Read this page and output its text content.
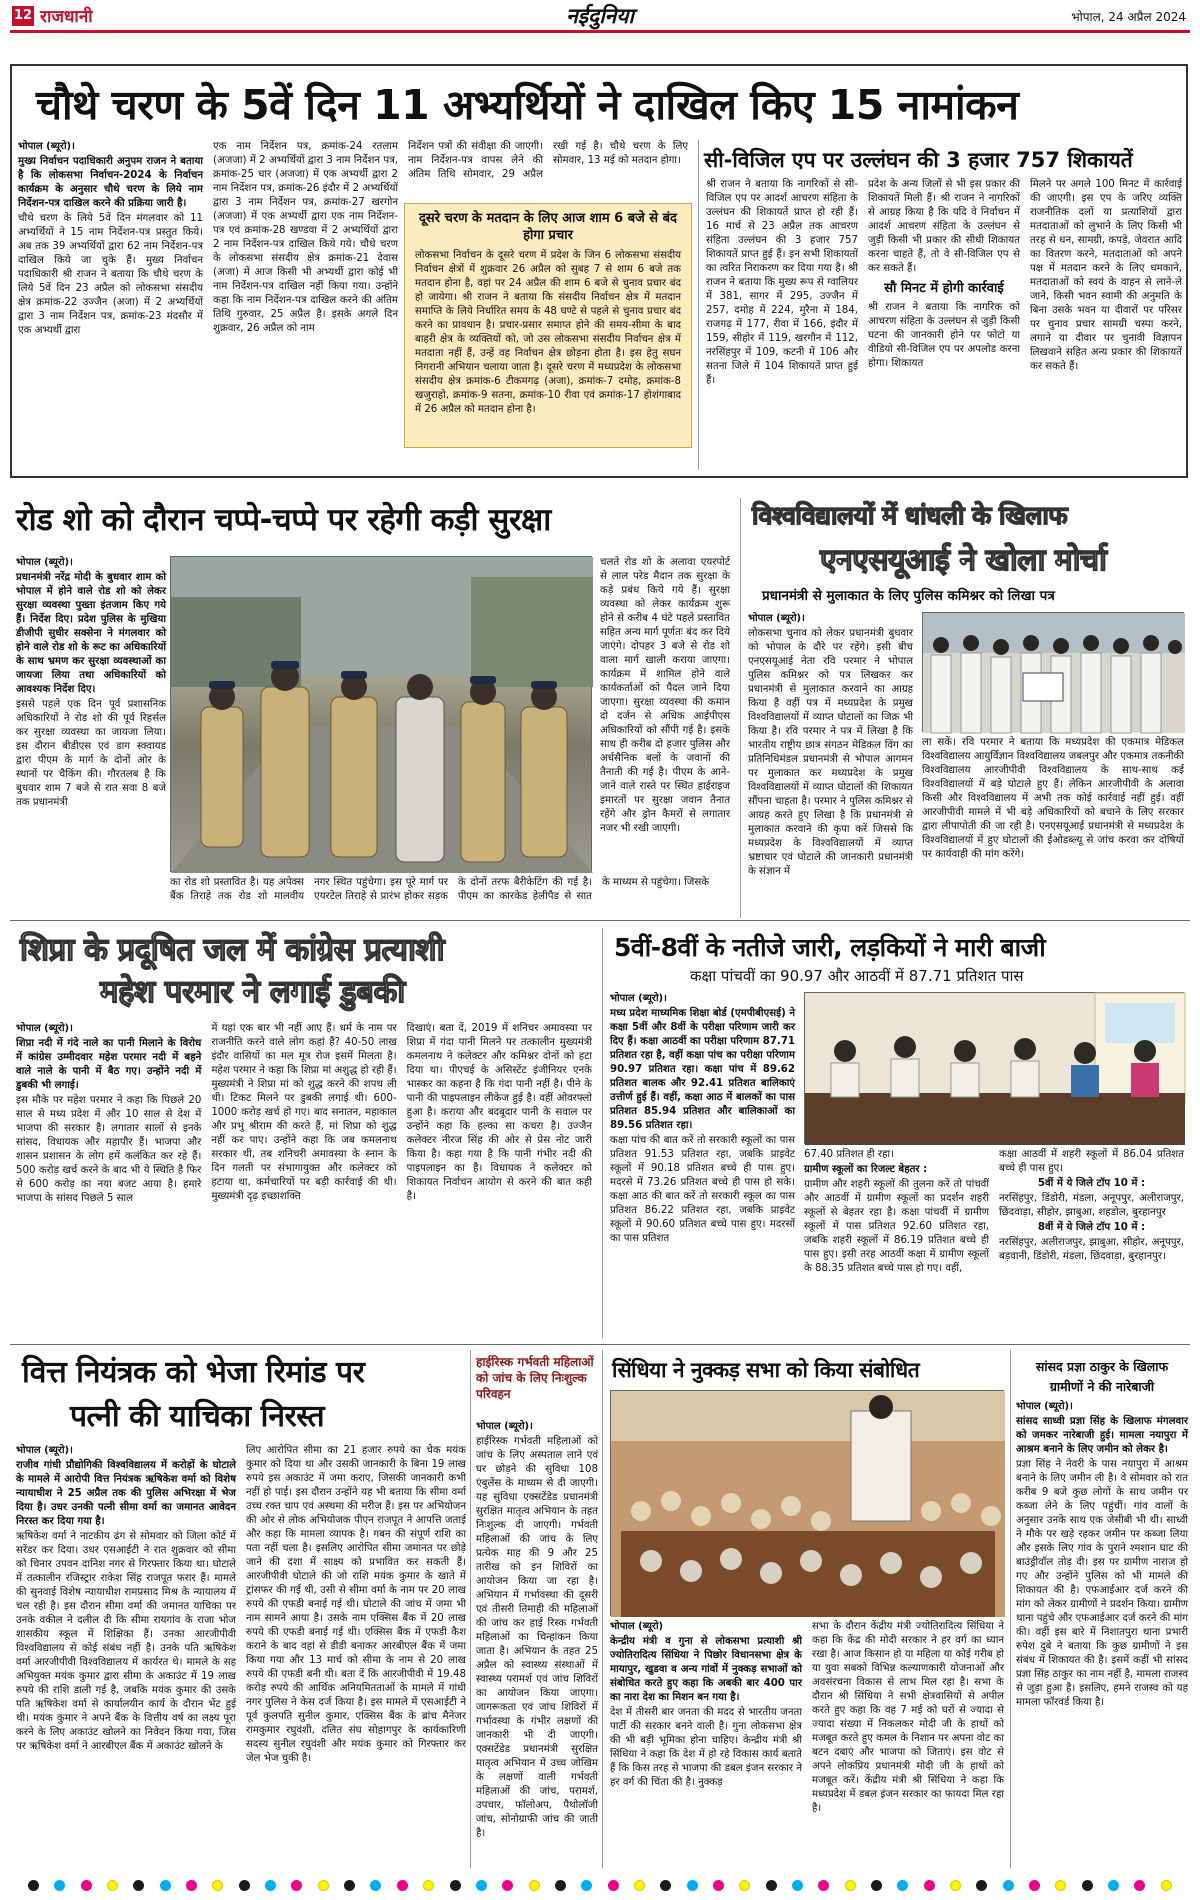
12 राजधानी	नईदुनिया	भोपाल, 24 अप्रैल 2024
चौथे चरण के 5वें दिन 11 अभ्यर्थियों ने दाखिल किए 15 नामांकन

भोपाल (ब्यूरो)।

मुख्य निर्वाचन पदाधिकारी अनुपम राजन ने बताया है कि लोकसभा निर्वाचन-2024 के निर्वाचन कार्यक्रम के अनुसार चौथे चरण के लिये नाम निर्देशन-पत्र दाखिल करने की प्रक्रिया जारी है।

चौथे चरण के लिये 5वें दिन मंगलवार को 11 अभ्यर्थियों ने 15 नाम निर्देशन-पत्र प्रस्तुत किये। अब तक 39 अभ्यर्थियों द्वारा 62 नाम निर्देशन-पत्र दाखिल किये जा चुके हैं। मुख्य निर्वाचन पदाधिकारी श्री राजन ने बताया कि चौथे चरण के लिये 5वें दिन 23 अप्रैल को लोकसभा संसदीय क्षेत्र क्रमांक-22 उज्जैन (अजा) में 2 अभ्यर्थियों द्वारा 3 नाम निर्देशन पत्र, क्रमांक-23 मंदसौर में एक अभ्यर्थी द्वारा

एक नाम निर्देशन पत्र, क्रमांक-24 रतलाम (अजजा) में 2 अभ्यर्थियों द्वारा 3 नाम निर्देशन पत्र, क्रमांक-25 धार (अजजा) में एक अभ्यर्थी द्वारा 2 नाम निर्देशन पत्र, क्रमांक-26 इंदौर में 2 अभ्यर्थियों द्वारा 3 नाम निर्देशन पत्र, क्रमांक-27 खरगोन (अजजा) में एक अभ्यर्थी द्वारा एक नाम निर्देशन-पत्र एवं क्रमांक-28 खण्डवा में 2 अभ्यर्थियों द्वारा 2 नाम निर्देशन-पत्र दाखिल किये गये। चौथे चरण के लोकसभा संसदीय क्षेत्र क्रमांक-21 देवास (अजा) में आज किसी भी अभ्यर्थी द्वारा कोई भी नाम निर्देशन-पत्र दाखिल नहीं किया गया। उन्होंने कहा कि नाम निर्देशन-पत्र दाखिल करने की अंतिम तिथि गुरुवार, 25 अप्रैल है। इसके अगले दिन शुक्रवार, 26 अप्रैल को नाम

निर्देशन पत्रों की संवीक्षा की जाएगी। नाम निर्देशन-पत्र वापस लेने की अंतिम तिथि सोमवार, 29 अप्रैल रखी गई है। चौथे चरण के लिए सोमवार, 13 मई को मतदान होगा।

दूसरे चरण के मतदान के लिए आज शाम 6 बजे से बंद होगा प्रचार
लोकसभा निर्वाचन के दूसरे चरण में प्रदेश के जिन 6 लोकसभा संसदीय निर्वाचन क्षेत्रों में शुक्रवार 26 अप्रैल को सुबह 7 से शाम 6 बजे तक मतदान होना है, वहां पर 24 अप्रैल की शाम 6 बजे से चुनाव प्रचार बंद हो जायेगा। श्री राजन ने बताया कि संसदीय निर्वाचन क्षेत्र में मतदान समाप्ति के लिये निर्धारित समय के 48 घण्टे से पहले से चुनाव प्रचार बंद करने का प्रावधान है। प्रचार-प्रसार समाप्त होने की समय-सीमा के बाद बाहरी क्षेत्र के व्यक्तियों को, जो उस लोकसभा संसदीय निर्वाचन क्षेत्र में मतदाता नहीं हैं, उन्हें वह निर्वाचन क्षेत्र छोड़ना होता है। इस हेतु सघन निगरानी अभियान चलाया जाता है। दूसरे चरण में मध्यप्रदेश के लोकसभा संसदीय क्षेत्र क्रमांक-6 टीकमगढ़ (अजा), क्रमांक-7 दमोह, क्रमांक-8 खजुराहो, क्रमांक-9 सतना, क्रमांक-10 रीवा एवं क्रमांक-17 होशंगाबाद में 26 अप्रैल को मतदान होना है।
सी-विजिल एप पर उल्लंघन की 3 हजार 757 शिकायतें

श्री राजन ने बताया कि नागरिकों से सी-विजिल एप पर आदर्श आचरण संहिता के उल्लंघन की शिकायतें प्राप्त हो रही हैं। 16 मार्च से 23 अप्रैल तक आचरण संहिता उल्लंघन की 3 हजार 757 शिकायतें प्राप्त हुई हैं। इन सभी शिकायतों का त्वरित निराकरण कर दिया गया है। श्री राजन ने बताया कि मुख्य रूप से ग्वालियर में 381, सागर में 295, उज्जैन में 257, दमोह में 224, मुरैना में 184, राजगढ़ में 177, रीवा में 166, इंदौर में 159, सीहोर में 119, खरगौन में 112, नरसिंहपुर में 109, कटनी में 106 और सतना जिले में 104 शिकायतें प्राप्त हुई हैं।

प्रदेश के अन्य जिलों से भी इस प्रकार की शिकायतें मिली हैं। श्री राजन ने नागरिकों से आग्रह किया है कि यदि वे निर्वाचन में आदर्श आचरण संहिता के उल्लंघन से जुड़ी किसी भी प्रकार की सीधी शिकायत करना चाहते हैं, तो वे सी-विजिल एप से कर सकते हैं।

सौ मिनट में होगी कार्रवाई

श्री राजन ने बताया कि नागरिक को आचरण संहिता के उल्लंघन से जुड़ी किसी घटना की जानकारी होने पर फोटो या वीडियो सी-विजिल एप पर अपलोड करना होगा। शिकायत

मिलने पर अगले 100 मिनट में कार्रवाई की जाएगी। इस एप के जरिए व्यक्ति राजनीतिक दलों या प्रत्याशियों द्वारा मतदाताओं को लुभाने के लिए किसी भी तरह से धन, सामग्री, कपड़े, जेवरात आदि का वितरण करने, मतदाताओं को अपने पक्ष में मतदान करने के लिए धमकाने, मतदाताओं को स्वयं के वाहन से लाने-ले जाने, किसी भवन स्वामी की अनुमति के बिना उसके भवन या दीवारों पर परिसर पर चुनाव प्रचार सामग्री चस्पा करने, लगाने या दीवार पर चुनावी विज्ञापन लिखवाने सहित अन्य प्रकार की शिकायतें कर सकते हैं।

रोड शो को दौरान चप्पे-चप्पे पर रहेगी कड़ी सुरक्षा

भोपाल (ब्यूरो)।

प्रधानमंत्री नरेंद्र मोदी के बुधवार शाम को भोपाल में होने वाले रोड शो को लेकर सुरक्षा व्यवस्था पुख्ता इंतजाम किए गये हैं। निर्देश दिए। प्रदेश पुलिस के मुखिया डीजीपी सुधीर सक्सेना ने मंगलवार को होने वाले रोड शो के रूट का अधिकारियों के साथ भ्रमण कर सुरक्षा व्यवस्थाओं का जायजा लिया तथा अधिकारियों को आवश्यक निर्देश दिए।

इससे पहले एक दिन पूर्व प्रशासनिक अधिकारियों ने रोड शो की पूर्व रिहर्सल कर सुरक्षा व्यवस्था का जायजा लिया। इस दौरान बीडीएस एवं डाग स्क्वायड द्वारा पीएम के मार्ग के दोनों ओर के स्थानों पर चैकिंग की। गौरतलब है कि बुधवार शाम 7 बजे से रात सवा 8 बजे तक प्रधानमंत्री

का रोड शो प्रस्तावित है। यह अपेक्स बैंक तिराहे तक रोड शो मालवीय नगर स्थित पहुंचेगा। इस पूरे मार्ग पर एयरटेल तिराहे से प्रारंभ होकर सड़क के दोनों तरफ बैरीकेटिंग की गई है। पीएम का कारकेड हेलीपैड से सात के माध्यम से पहुंचेगा। जिसके

चलते रोड शो के अलावा एयरपोर्ट से लाल परेड मैदान तक सुरक्षा के कड़े प्रबंध किये गये हैं। सुरक्षा व्यवस्था को लेकर कार्यक्रम शुरू होने से करीब 4 घंटे पहले प्रस्तावित सहित अन्य मार्ग पूर्णतः बंद कर दिये जाएंगे। दोपहर 3 बजे से रोड शो वाला मार्ग खाली कराया जाएगा। कार्यक्रम में शामिल होने वाले कार्यकर्ताओं को पैदल जाने दिया जाएगा। सुरक्षा व्यवस्था की कमान दो दर्जन से अधिक आईपीएस अधिकारियों को सौंपी गई है। इसके साथ ही करीब दो हजार पुलिस और अर्धसैनिक बलों के जवानों की तैनाती की गई है। पीएम के आने-जाने वाले रास्ते पर स्थित हाईराइज इमारतों पर सुरक्षा जवान तैनात रहेंगे और ड्रोन कैमरों से लगातार नजर भी रखी जाएगी।

विश्वविद्यालयों में धांधली के खिलाफ
एनएसयूआई ने खोला मोर्चा
प्रधानमंत्री से मुलाकात के लिए पुलिस कमिश्नर को लिखा पत्र

भोपाल (ब्यूरो)।

लोकसभा चुनाव को लेकर प्रधानमंत्री बुधवार को भोपाल के दौरे पर रहेंगे। इसी बीच एनएसयूआई नेता रवि परमार ने भोपाल पुलिस कमिश्नर को पत्र लिखकर कर प्रधानमंत्री से मुलाकात करवाने का आग्रह किया है वहीं पत्र में मध्यप्रदेश के प्रमुख विश्वविद्यालयों में व्याप्त घोटालों का जिक्र भी किया है। रवि परमार ने पत्र में लिखा है कि भारतीय राष्ट्रीय छात्र संगठन मेडिकल विंग का प्रतिनिधिमंडल प्रधानमंत्री से भोपाल आगमन पर मुलाकात कर मध्यप्रदेश के प्रमुख विश्वविद्यालयों में व्याप्त घोटालों की शिकायत सौंपना चाहता है। परमार ने पुलिस कमिश्नर से आग्रह करते हुए लिखा है कि प्रधानमंत्री से मुलाकात करवाने की कृपा करें जिससे कि मध्यप्रदेश के विश्वविद्यालयों में व्याप्त भ्रष्टाचार एवं घोटाले की जानकारी प्रधानमंत्री के संज्ञान में

ला सकें। रवि परमार ने बताया कि मध्यप्रदेश की एकमात्र मेडिकल विश्वविद्यालय आयुर्विज्ञान विश्वविद्यालय जबलपुर और एकमात्र तकनीकी विश्वविद्यालय आरजीपीवी विश्वविद्यालय के साथ-साथ कई विश्वविद्यालयों में बड़े घोटाले हुए हैं। लेकिन आरजीपीवी के अलावा किसी और विश्वविद्यालय में अभी तक कोई कार्रवाई नहीं हुई। वहीं आरजीपीवी मामले में भी बड़े अधिकारियों को बचाने के लिए सरकार द्वारा लीपापोती की जा रही है। एनएसयूआई प्रधानमंत्री से मध्यप्रदेश के विश्वविद्यालयों में हुए घोटालों की ईओडब्ल्यू से जांच करवा कर दोषियों पर कार्यवाही की मांग करेंगे।

शिप्रा के प्रदूषित जल में कांग्रेस प्रत्याशी
महेश परमार ने लगाई डुबकी

भोपाल (ब्यूरो)।

शिप्रा नदी में गंदे नाले का पानी मिलाने के विरोध में कांग्रेस उम्मीदवार महेश परमार नदी में बहने वाले नाले के पानी में बैठ गए। उन्होंने नदी में डुबकी भी लगाई।

इस मौके पर महेश परमार ने कहा कि पिछले 20 साल से मध्य प्रदेश में और 10 साल से देश में भाजपा की सरकार है। लगातार सालों से इनके सांसद, विधायक और महापौर हैं। भाजपा और शासन प्रशासन के लोग हमें कलंकित कर रहे हैं। 500 करोड़ खर्च करने के बाद भी ये स्थिति है फिर से 600 करोड़ का नया बजट आया है। हमारे भाजपा के सांसद पिछले 5 साल

में यहां एक बार भी नहीं आए हैं। धर्म के नाम पर राजनीति करने वाले लोग कहां हैं? 40-50 लाख इंदौर वासियों का मल मूत्र रोज इसमें मिलता है। महेश परमार ने कहा कि शिप्रा मां अशुद्ध हो रही हैं। मुख्यमंत्री ने शिप्रा मां को शुद्ध करने की शपथ ली थी। टिकट मिलने पर डुबकी लगाई थी। 600-1000 करोड़ खर्च हो गए। बाद सनातन, महाकाल और प्रभु श्रीराम की करते हैं, मां शिप्रा को शुद्ध नहीं कर पाए। उन्होंने कहा कि जब कमलनाथ सरकार थी, तब शनिचरी अमावस्या के स्नान के दिन गलती पर संभागायुक्त और कलेक्टर को हटाया था, कर्मचारियों पर बड़ी कार्रवाई की थी। मुख्यमंत्री दृढ़ इच्छाशक्ति

दिखाएं। बता दें, 2019 में शनिचर अमावस्या पर शिप्रा में गंदा पानी मिलने पर तत्कालीन मुख्यमंत्री कमलनाथ ने कलेक्टर और कमिश्नर दोनों को हटा दिया था। पीएचई के असिस्टेंट इंजीनियर एनके भास्कर का कहना है कि गंदा पानी नहीं है। पीने के पानी की पाइपलाइन लीकेज हुई है। वहीं ओवरफ्लो हुआ है। कराया और बदबूदार पानी के सवाल पर उन्होंने कहा कि हल्का सा कचरा है। उज्जैन कलेक्टर नीरज सिंह की ओर से प्रेस नोट जारी किया है। कहा गया है कि पानी गंभीर नदी की पाइपलाइन का है। विधायक ने कलेक्टर को शिकायत निर्वाचन आयोग से करने की बात कही है।

5वीं-8वीं के नतीजे जारी, लड़कियों ने मारी बाजी
कक्षा पांचवीं का 90.97 और आठवीं में 87.71 प्रतिशत पास

भोपाल (ब्यूरो)।

मध्य प्रदेश माध्यमिक शिक्षा बोर्ड (एमपीबीएसई) ने कक्षा 5वीं और 8वीं के परीक्षा परिणाम जारी कर दिए हैं। कक्षा आठवीं का परीक्षा परिणाम 87.71 प्रतिशत रहा है, वहीं कक्षा पांच का परीक्षा परिणाम 90.97 प्रतिशत रहा। कक्षा पांच में 89.62 प्रतिशत बालक और 92.41 प्रतिशत बालिकाएं उत्तीर्ण हुई हैं। वहीं, कक्षा आठ में बालकों का पास प्रतिशत 85.94 प्रतिशत और बालिकाओं का 89.56 प्रतिशत रहा।

कक्षा पांच की बात करें तो सरकारी स्कूलों का पास प्रतिशत 91.53 प्रतिशत रहा, जबकि प्राइवेट स्कूलों में 90.18 प्रतिशत बच्चे ही पास हुए। मदरसे में 73.26 प्रतिशत बच्चे ही पास हो सके। कक्षा आठ की बात करें तो सरकारी स्कूल का पास प्रतिशत 86.22 प्रतिशत रहा, जबकि प्राइवेट स्कूलों में 90.60 प्रतिशत बच्चे पास हुए। मदरसों का पास प्रतिशत

67.40 प्रतिशत ही रहा।

ग्रामीण स्कूलों का रिजल्ट बेहतर :

ग्रामीण और शहरी स्कूलों की तुलना करें तो पांचवीं और आठवीं में ग्रामीण स्कूलों का प्रदर्शन शहरी स्कूलों से बेहतर रहा है। कक्षा पांचवीं में ग्रामीण स्कूलों में पास प्रतिशत 92.60 प्रतिशत रहा, जबकि शहरी स्कूलों में 86.19 प्रतिशत बच्चे ही पास हुए। इसी तरह आठवीं कक्षा में ग्रामीण स्कूलों के 88.35 प्रतिशत बच्चे पास हो गए। वहीं,

कक्षा आठवीं में शहरी स्कूलों में 86.04 प्रतिशत बच्चे ही पास हुए।

5वीं में ये जिले टॉप 10 में :

नरसिंहपुर, डिंडोरी, मंडला, अनूपपुर, अलीराजपुर, छिंदवाड़ा, सीहोर, झाबुआ, शहडोल, बुरहानपुर

8वीं में ये जिले टॉप 10 में :

नरसिंहपुर, अलीराजपुर, झाबुआ, सीहोर, अनूपपुर, बड़वानी, डिंडोरी, मंडला, छिंदवाड़ा, बुरहानपुर।

वित्त नियंत्रक को भेजा रिमांड पर
पत्नी की याचिका निरस्त

भोपाल (ब्यूरो)।

राजीव गांधी प्रौद्योगिकी विश्वविद्यालय में करोड़ों के घोटाले के मामले में आरोपी वित्त नियंत्रक ऋषिकेश वर्मा को विशेष न्यायाधीश ने 25 अप्रैल तक की पुलिस अभिरक्षा में भेज दिया है। उधर उनकी पत्नी सीमा वर्मा का जमानत आवेदन निरस्त कर दिया गया है।

ऋषिकेश वर्मा ने नाटकीय ढंग से सोमवार को जिला कोर्ट में सरेंडर कर दिया। उधर एसआईटी ने रात शुक्रवार को सीमा को चिनार उपवन दानिश नगर से गिरफ्तार किया था। घोटाले में तत्कालीन रजिस्ट्रार राकेश सिंह राजपूत फरार हैं। मामले की सुनवाई विशेष न्यायाधीश रामप्रसाद मिश्र के न्यायालय में चल रही है। इस दौरान सीमा वर्मा की जमानत याचिका पर उनके वकील ने दलील दी कि सीमा रायगांव के राजा भोज शासकीय स्कूल में शिक्षिका हैं। उनका आरजीपीवी विश्वविद्यालय से कोई संबंध नहीं है। उनके पति ऋषिकेश वर्मा आरजीपीवी विश्वविद्यालय में कार्यरत थे। मामले के सह अभियुक्त मयंक कुमार द्वारा सीमा के अकाउंट में 19 लाख रुपये की राशि डाली गई है, जबकि मयंक कुमार की उसके पति ऋषिकेश वर्मा से कार्यालयीन कार्य के दौरान भेंट हुई थी। मयंक कुमार ने अपने बैंक के वित्तीय वर्ष का लक्ष्य पूरा करने के लिए अकाउंट खोलने का निवेदन किया गया, जिस पर ऋषिकेश वर्मा ने आरबीएल बैंक में अकाउंट खोलने के

लिए आरोपित सीमा का 21 हजार रुपये का चेक मयंक कुमार को दिया था और उसकी जानकारी के बिना 19 लाख रुपये इस अकाउंट में जमा कराए, जिसकी जानकारी कभी नहीं हो पाई। इस दौरान उन्होंने यह भी बताया कि सीमा वर्मा उच्च रक्त चाप एवं अस्थमा की मरीज हैं। इस पर अभियोजन की ओर से लोक अभियोजक पीएन राजपूत ने आपत्ति जताई और कहा कि मामला व्यापक है। गबन की संपूर्ण राशि का पता नहीं चला है। इसलिए आरोपित सीमा जमानत पर छोड़े जाने की दशा में साक्ष्य को प्रभावित कर सकती हैं। आरजीपीवी घोटाले की जो राशि मयंक कुमार के खाते में ट्रांसफर की गई थी, उसी से सीमा वर्मा के नाम पर 20 लाख रुपये की एफडी बनाई गई थी। घोटाले की जांच में जमा भी नाम सामने आया है। उसके नाम एक्सिस बैंक में 20 लाख रुपये की एफडी बनाई गई थी। एक्सिस बैंक में एफडी कैश कराने के बाद वहां से डीडी बनाकर आरबीएल बैंक में जमा किया गया और 13 मार्च को सीमा के नाम से 20 लाख रुपये की एफडी बनी थी। बता दें कि आरजीपीवी में 19.48 करोड़ रुपये की आर्थिक अनियमितताओं के मामले में गांधी नगर पुलिस ने केस दर्ज किया है। इस मामले में एसआईटी ने पूर्व कुलपति सुनील कुमार, एक्सिस बैंक के ब्रांच मैनेजर रामकुमार रघुवंशी, दलित संघ सोहागपुर के कार्यकारिणी सदस्य सुनील रघुवंशी और मयंक कुमार को गिरफ्तार कर जेल भेज चुकी है।

हाईरिस्क गर्भवती महिलाओं को जांच के लिए निःशुल्क परिवहन

भोपाल (ब्यूरो)।

हाईरिस्क गर्भवती महिलाओं को जांच के लिए अस्पताल लाने एवं घर छोड़ने की सुविधा 108 एंबुलेंस के माध्यम से दी जाएगी। यह सुविधा एक्सटेंडेड प्रधानमंत्री सुरक्षित मातृत्व अभियान के तहत निःशुल्क दी जाएगी। गर्भवती महिलाओं की जांच के लिए प्रत्येक माह की 9 और 25 तारीख को इन शिविरों का आयोजन किया जा रहा है। अभियान में गर्भावस्था की दूसरी एवं तीसरी तिमाही की महिलाओं की जांच कर हाई रिस्क गर्भवती महिलाओं का चिन्हांकन किया जाता है। अभियान के तहत 25 अप्रैल को स्वास्थ्य संस्थाओं में स्वास्थ्य परामर्श एवं जांच शिविरों का आयोजन किया जाएगा। जागरूकता एवं जांच शिविरों में गर्भावस्था के गंभीर लक्षणों की जानकारी भी दी जाएगी। एक्सटेंडेड प्रधानमंत्री सुरक्षित मातृत्व अभियान में उच्च जोखिम के लक्षणों वाली गर्भवती महिलाओं की जांच, परामर्श, उपचार, फॉलोअप, पैथोलॉजी जांच, सोनोग्राफी जांच की जाती है।

सिंधिया ने नुक्कड़ सभा को किया संबोधित

भोपाल (ब्यूरो)

केन्द्रीय मंत्री व गुना से लोकसभा प्रत्याशी श्री ज्योतिरादित्य सिंधिया ने पिछोर विधानसभा क्षेत्र के मायापुर, खुडवा व अन्य गांवों में नुक्कड़ सभाओं को संबोधित करते हुए कहा कि अबकी बार 400 पार का नारा देश का मिशन बन गया है।

देश में तीसरी बार जनता की मदद से भारतीय जनता पार्टी की सरकार बनने वाली है। गुना लोकसभा क्षेत्र की भी बड़ी भूमिका होना चाहिए। केन्द्रीय मंत्री श्री सिंधिया ने कहा कि देश में हो रहे विकास कार्य बताते हैं कि किस तरह से भाजपा की डबल इंजन सरकार ने हर वर्ग की चिंता की है। नुक्कड़

सभा के दौरान केंद्रीय मंत्री ज्योतिरादित्य सिंधिया ने कहा कि केंद्र की मोदी सरकार ने हर वर्ग का ध्यान रखा है। आज किसान हो या महिला या कोई गरीब हो या युवा सबको विभिन्न कल्याणकारी योजनाओं और अवसंरचना विकास से लाभ मिल रहा है। सभा के दौरान श्री सिंधिया ने सभी क्षेत्रवासियों से अपील करते हुए कहा कि वह 7 मई को घरों से ज्यादा से ज्यादा संख्या में निकलकर मोदी जी के हाथों को मजबूत करते हुए कमल के निशान पर अपना वोट का बटन दबाएं और भाजपा को जिताएं। इस वोट से अपने लोकप्रिय प्रधानमंत्री मोदी जी के हाथों को मजबूत करें। केंद्रीय मंत्री श्री सिंधिया ने कहा कि मध्यप्रदेश में डबल इंजन सरकार का फायदा मिल रहा है।

सांसद प्रज्ञा ठाकुर के खिलाफ
ग्रामीणों ने की नारेबाजी

भोपाल (ब्यूरो)।

सांसद साध्वी प्रज्ञा सिंह के खिलाफ मंगलवार को जमकर नारेबाजी हुई। मामला नयापुरा में आश्रम बनाने के लिए जमीन को लेकर है।

प्रज्ञा सिंह ने नेवरी के पास नयापुरा में आश्रम बनाने के लिए जमीन ली है। वे सोमवार को रात करीब 9 बजे कुछ लोगों के साथ जमीन पर कब्जा लेने के लिए पहुंचीं। गांव वालों के अनुसार उनके साथ एक जेसीबी भी थी। साध्वी ने मौके पर खड़े रहकर जमीन पर कब्जा लिया और इसके लिए गांव के पुराने श्मशान घाट की बाउंड्रीवॉल तोड़ दी। इस पर ग्रामीण नाराज हो गए और उन्होंने पुलिस को भी मामले की शिकायत की है। एफआईआर दर्ज करने की मांग को लेकर ग्रामीणों ने प्रदर्शन किया। ग्रामीण थाना पहुंचे और एफआईआर दर्ज करने की मांग की। वहीं इस बारे में निशातपुरा थाना प्रभारी रुपेश दुबे ने बताया कि कुछ ग्रामीणों ने इस संबंध में शिकायत की है। इसमें कहीं भी सांसद प्रज्ञा सिंह ठाकुर का नाम नहीं है, मामला राजस्व से जुड़ा हुआ है। इसलिए, हमने राजस्व को यह मामला फॉरवर्ड किया है।
